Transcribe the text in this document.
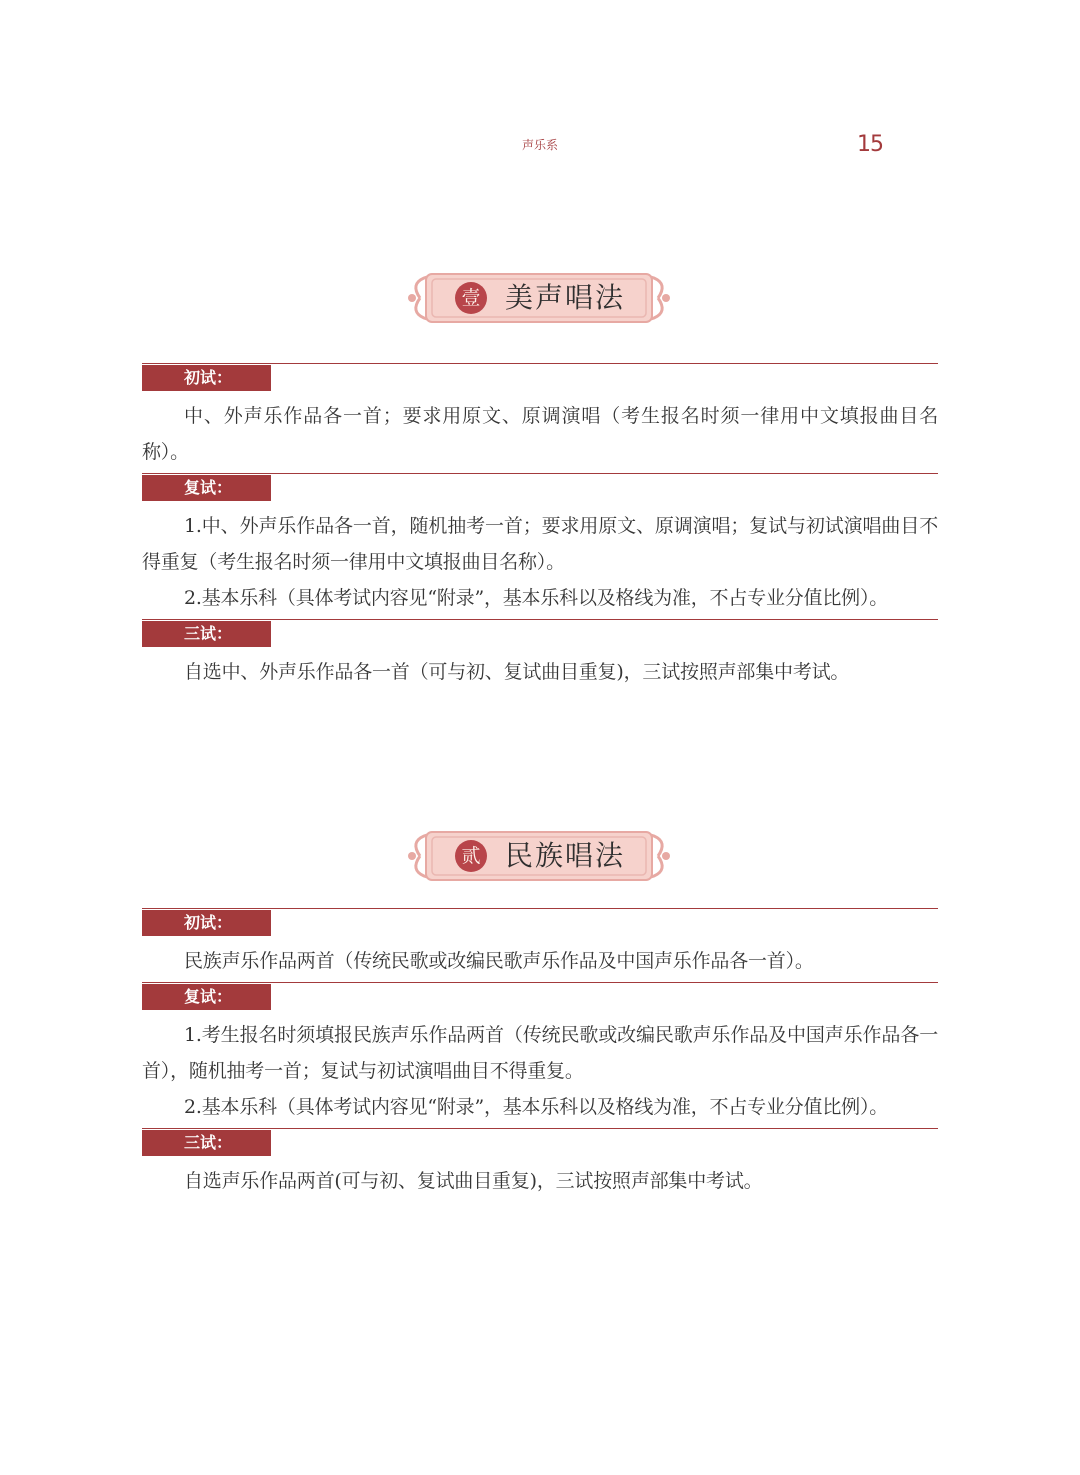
声乐系	15
壹 美声唱法
初试：

中、外声乐作品各一首；要求用原文、原调演唱（考生报名时须一律用中文填报曲目名称）。

复试：

1.中、外声乐作品各一首，随机抽考一首；要求用原文、原调演唱；复试与初试演唱曲目不得重复（考生报名时须一律用中文填报曲目名称）。

2.基本乐科（具体考试内容见“附录”，基本乐科以及格线为准，不占专业分值比例）。

三试：

自选中、外声乐作品各一首（可与初、复试曲目重复)，三试按照声部集中考试。

贰 民族唱法
初试：

民族声乐作品两首（传统民歌或改编民歌声乐作品及中国声乐作品各一首）。

复试：

1.考生报名时须填报民族声乐作品两首（传统民歌或改编民歌声乐作品及中国声乐作品各一首），随机抽考一首；复试与初试演唱曲目不得重复。

2.基本乐科（具体考试内容见“附录”，基本乐科以及格线为准，不占专业分值比例）。

三试：

自选声乐作品两首(可与初、复试曲目重复)，三试按照声部集中考试。
